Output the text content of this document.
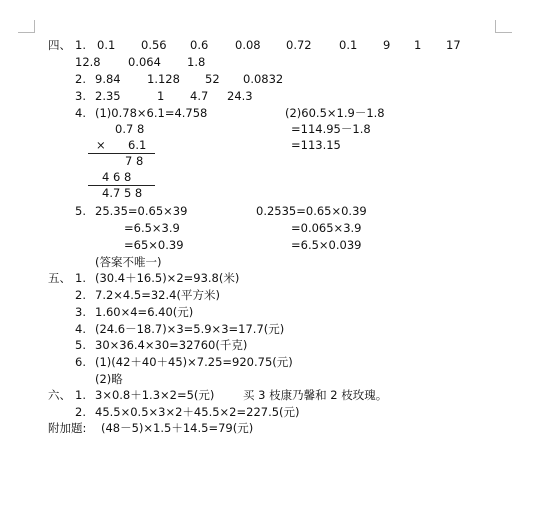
四、 1. 0.1 0.56 0.6 0.08 0.72 0.1 9 1 17
12.8 0.064 1.8
2. 9.84 1.128 52 0.0832
3. 2.35	1 4.7 24.3
4. (1)0.78×6.1=4.758	(2)60.5×1.9－1.8
=114.95－1.8
=113.15
0.7 8
× 6.1
7 8
4 6 8
4.7 5 8
5. 25.35=0.65×39
=6.5×3.9
=65×0.39
0.2535=0.65×0.39
=0.065×3.9
=6.5×0.039
(答案不唯一)
五、 1. (30.4＋16.5)×2=93.8(米)
2. 7.2×4.5=32.4(平方米)
3. 1.60×4=6.40(元)
4. (24.6－18.7)×3=5.9×3=17.7(元)
5. 30×36.4×30=32760(千克)
6. (1)(42＋40＋45)×7.25=920.75(元)
(2)略
六、 1. 3×0.8＋1.3×2=5(元) 买 3 枝康乃馨和 2 枝玫瑰。
2. 45.5×0.5×3×2＋45.5×2=227.5(元)
附加题: (48－5)×1.5＋14.5=79(元)
